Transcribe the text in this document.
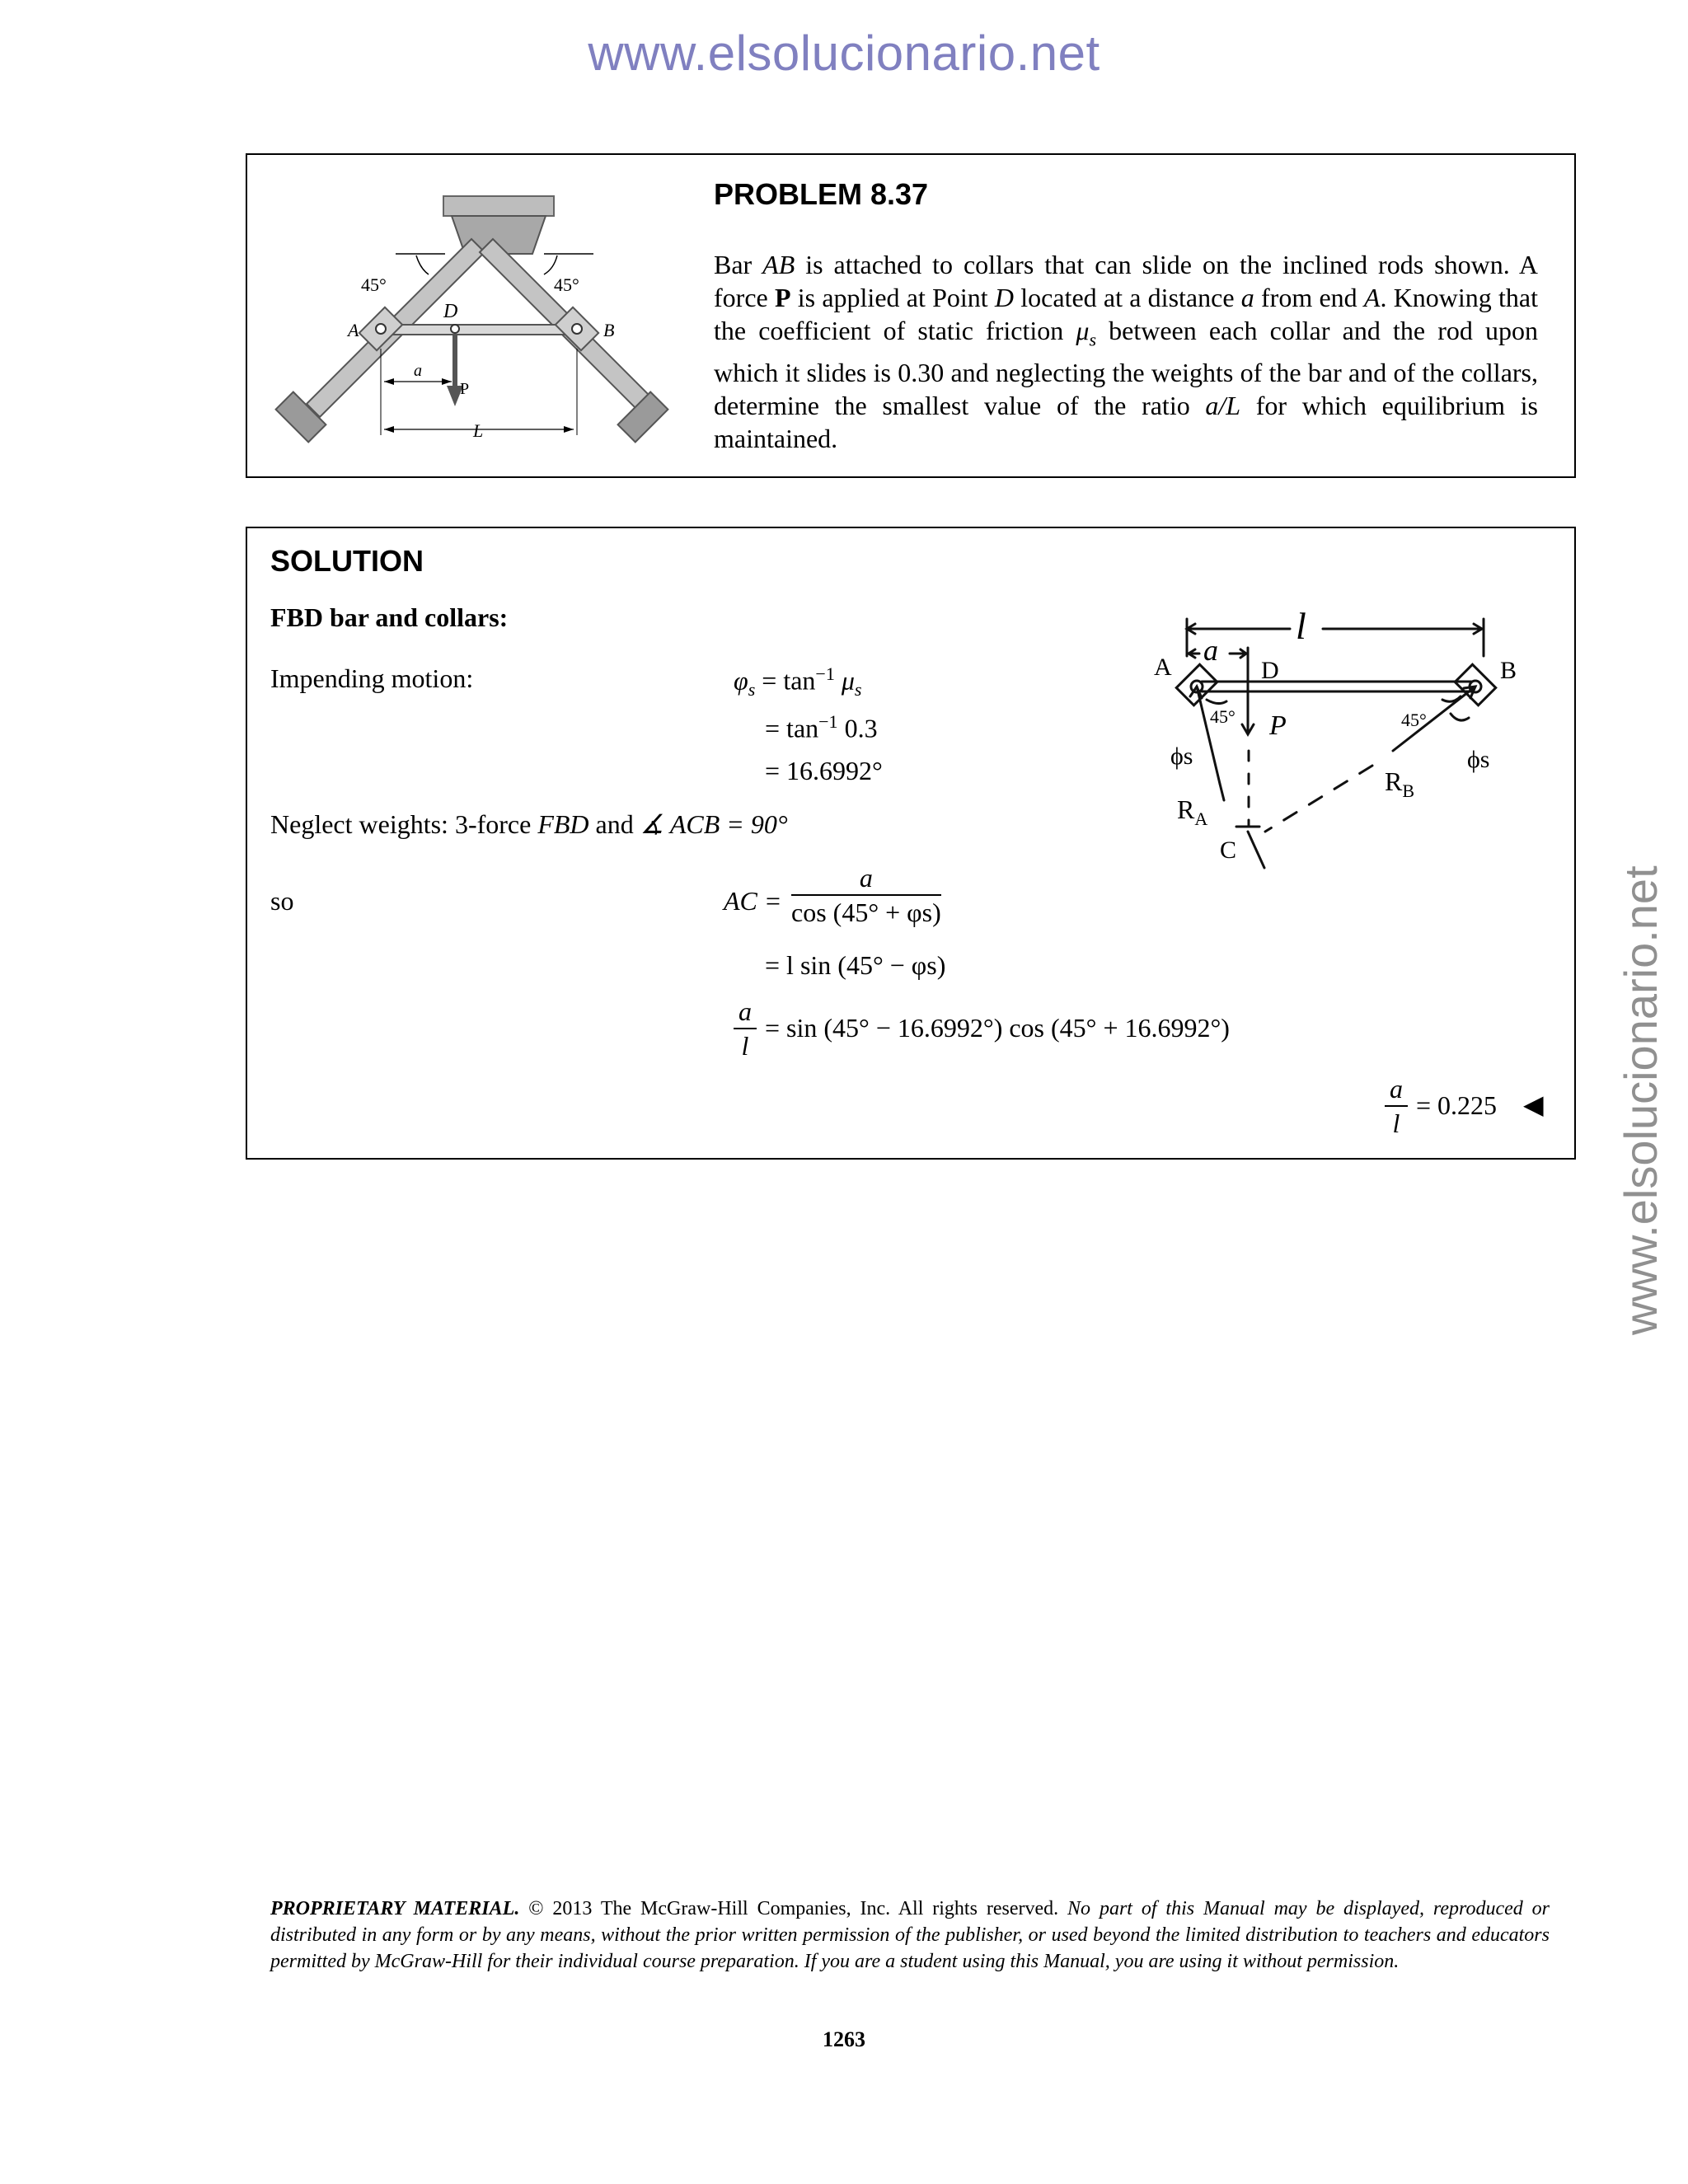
www.elsolucionario.net
www.elsolucionario.net
45°	45°
D
A	B
a
P
L
PROBLEM 8.37
Bar AB is attached to collars that can slide on the inclined rods shown. A force P is applied at Point D located at a distance a from end A. Knowing that the coefficient of static friction $\mu_s$ between each collar and the rod upon which it slides is 0.30 and neglecting the weights of the bar and of the collars, determine the smallest value of the ratio a/L for which equilibrium is maintained.
SOLUTION
FBD bar and collars:
Impending motion:	$\varphi_s = \tan^{-1} \mu_s$
= $\tan^{-1} 0.3$
= 16.6992°
Neglect weights: 3-force FBD and ∡ ACB = 90°
so	AC = $\frac{a}{\cos (45^\circ + \varphi s)}$
= l sin (45° − φs)
$\frac{a}{l} = \sin (45^\circ - 16.6992^\circ)$ cos (45° + 16.6992°)
$\frac{a}{l} = 0.225$ ◀
l
a
A	B
D
45°	45°
P
ϕs	ϕs
$R_A$
$R_B$
C
PROPRIETARY MATERIAL. © 2013 The McGraw-Hill Companies, Inc. All rights reserved. No part of this Manual may be displayed, reproduced or distributed in any form or by any means, without the prior written permission of the publisher, or used beyond the limited distribution to teachers and educators permitted by McGraw-Hill for their individual course preparation. If you are a student using this Manual, you are using it without permission.
1263
